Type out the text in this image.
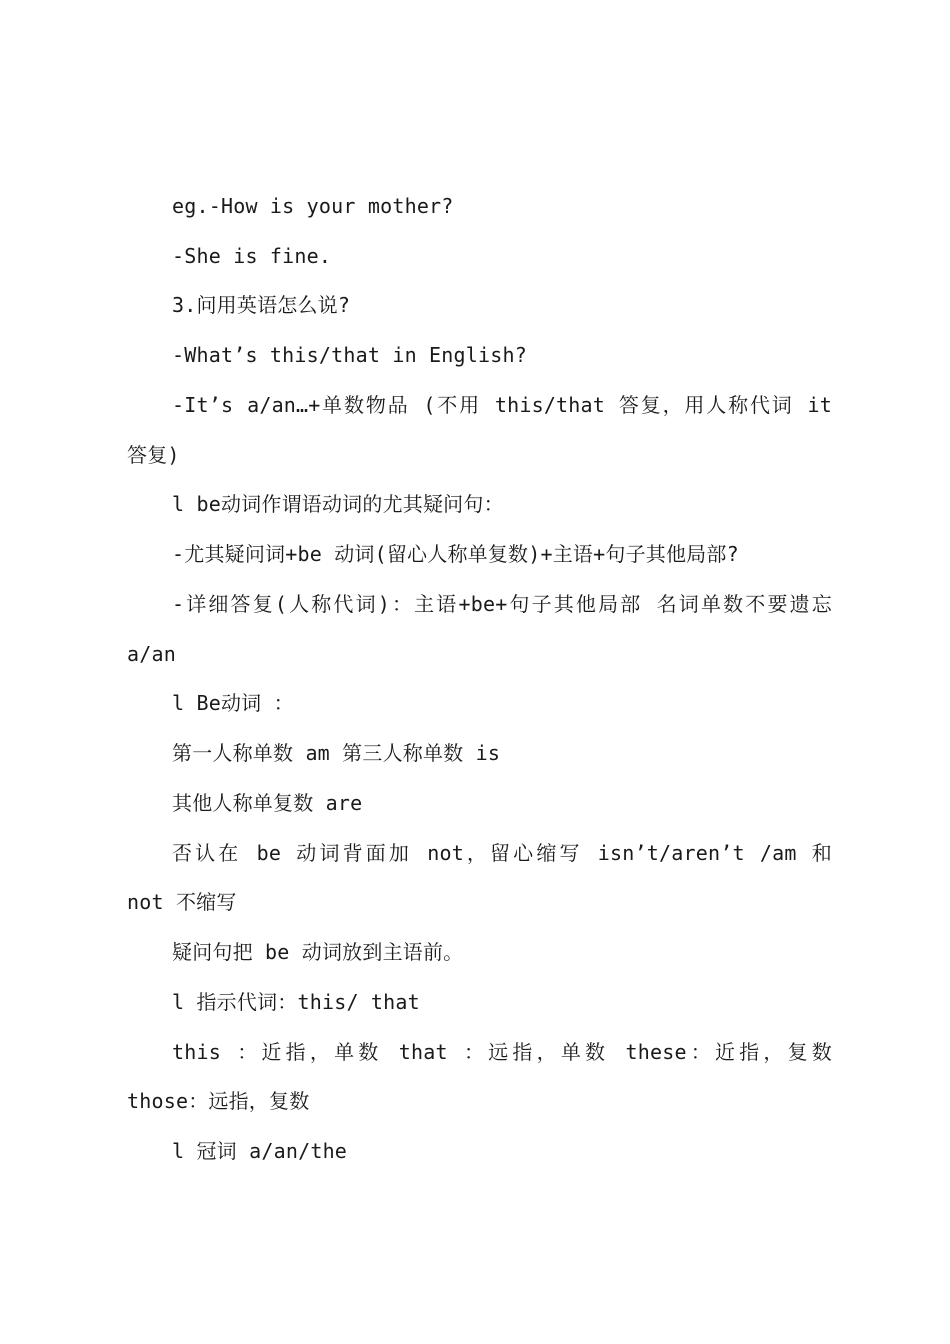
eg.-How is your mother?
-She is fine.
3.问用英语怎么说?
-What’s this/that in English?
-It’s a/an…+单数物品 (不用 this/that 答复，用人称代词 it
答复)
l be动词作谓语动词的尤其疑问句：
-尤其疑问词+be 动词(留心人称单复数)+主语+句子其他局部?
-详细答复(人称代词)：主语+be+句子其他局部 名词单数不要遗忘
a/an
l Be动词 ：
第一人称单数 am 第三人称单数 is
其他人称单复数 are
否认在 be 动词背面加 not，留心缩写 isn’t/aren’t /am 和
not 不缩写
疑问句把 be 动词放到主语前。
l 指示代词：this/ that
this ：近指，单数 that ：远指，单数 these：近指，复数
those：远指，复数
l 冠词 a/an/the
